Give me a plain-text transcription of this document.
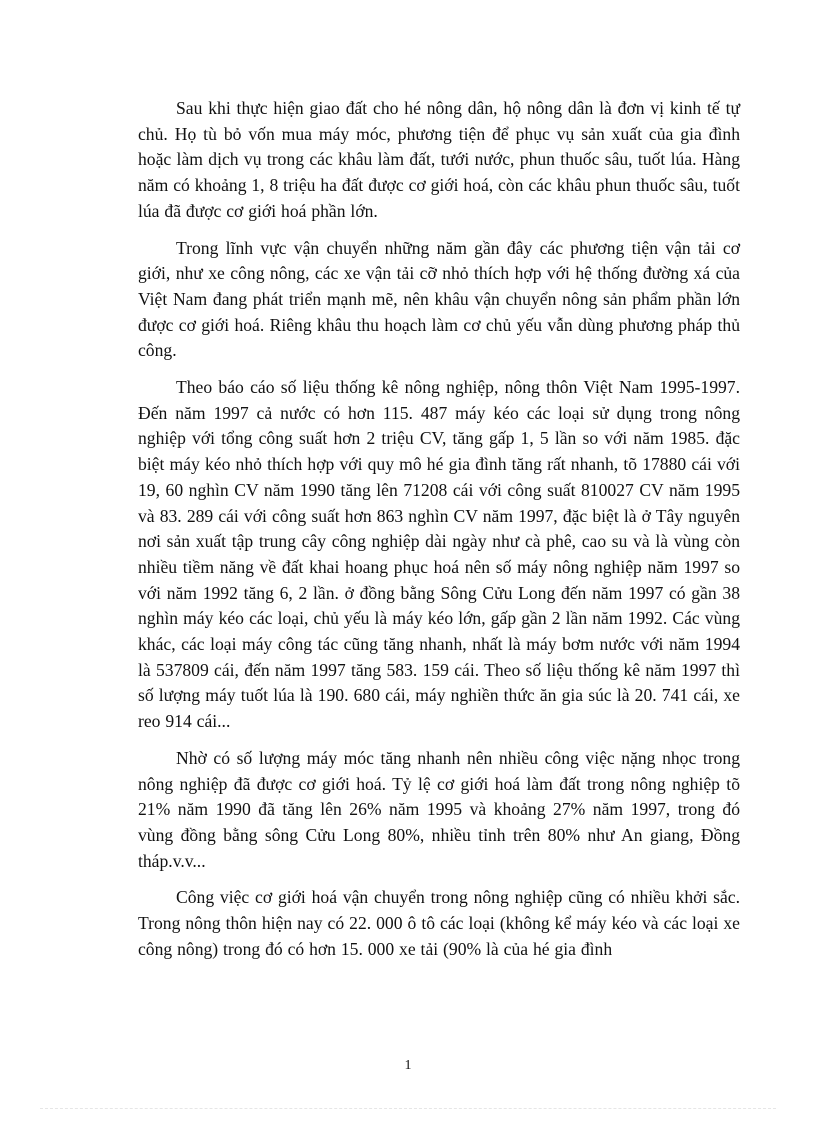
Sau khi thực hiện giao đất cho hé nông dân, hộ nông dân là đơn vị kinh tế tự chủ. Họ tù bỏ vốn mua máy móc, phương tiện để phục vụ sản xuất của gia đình hoặc làm dịch vụ trong các khâu làm đất, tưới nước, phun thuốc sâu, tuốt lúa. Hàng năm có khoảng 1, 8 triệu ha đất được cơ giới hoá, còn các khâu phun thuốc sâu, tuốt lúa đã được cơ giới hoá phần lớn.

Trong lĩnh vực vận chuyển những năm gần đây các phương tiện vận tải cơ giới, như xe công nông, các xe vận tải cỡ nhỏ thích hợp với hệ thống đường xá của Việt Nam đang phát triển mạnh mẽ, nên khâu vận chuyển nông sản phẩm phần lớn được cơ giới hoá. Riêng khâu thu hoạch làm cơ chủ yếu vẫn dùng phương pháp thủ công.

Theo báo cáo số liệu thống kê nông nghiệp, nông thôn Việt Nam 1995-1997. Đến năm 1997 cả nước có hơn 115. 487 máy kéo các loại sử dụng trong nông nghiệp với tổng công suất hơn 2 triệu CV, tăng gấp 1, 5 lần so với năm 1985. đặc biệt máy kéo nhỏ thích hợp với quy mô hé gia đình tăng rất nhanh, tõ 17880 cái với 19, 60 nghìn CV năm 1990 tăng lên 71208 cái với công suất 810027 CV năm 1995 và 83. 289 cái với công suất hơn 863 nghìn CV năm 1997, đặc biệt là ở Tây nguyên nơi sản xuất tập trung cây công nghiệp dài ngày như cà phê, cao su và là vùng còn nhiều tiềm năng về đất khai hoang phục hoá nên số máy nông nghiệp năm 1997 so với năm 1992 tăng 6, 2 lần. ở đồng bằng Sông Cửu Long đến năm 1997 có gần 38 nghìn máy kéo các loại, chủ yếu là máy kéo lớn, gấp gần 2 lần năm 1992. Các vùng khác, các loại máy công tác cũng tăng nhanh, nhất là máy bơm nước với năm 1994 là 537809 cái, đến năm 1997 tăng 583. 159 cái. Theo số liệu thống kê năm 1997 thì số lượng máy tuốt lúa là 190. 680 cái, máy nghiền thức ăn gia súc là 20. 741 cái, xe reo 914 cái...

Nhờ có số lượng máy móc tăng nhanh nên nhiều công việc nặng nhọc trong nông nghiệp đã được cơ giới hoá. Tỷ lệ cơ giới hoá làm đất trong nông nghiệp tõ 21% năm 1990 đã tăng lên 26% năm 1995 và khoảng 27% năm 1997, trong đó vùng đồng bằng sông Cửu Long 80%, nhiều tỉnh trên 80% như An giang, Đồng tháp.v.v...

Công việc cơ giới hoá vận chuyển trong nông nghiệp cũng có nhiều khởi sắc. Trong nông thôn hiện nay có 22. 000 ô tô các loại (không kể máy kéo và các loại xe công nông) trong đó có hơn 15. 000 xe tải (90% là của hé gia đình

1
